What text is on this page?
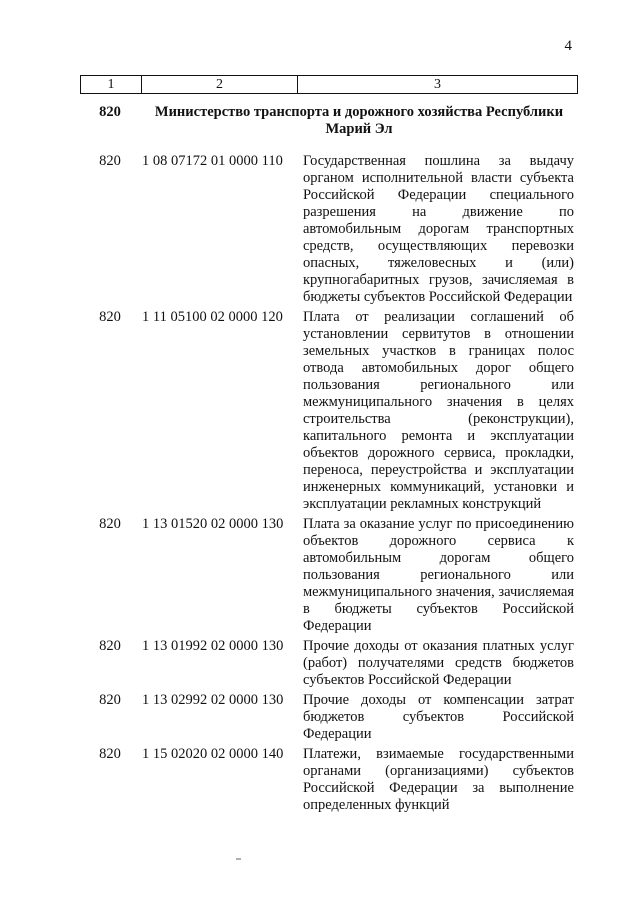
4
1	2	3
820	Министерство транспорта и дорожного хозяйства Республики Марий Эл	
820	1 08 07172 01 0000 110	Государственная пошлина за выдачу органом исполнительной власти субъекта Российской Федерации специального разрешения на движение по автомобильным дорогам транспортных средств, осуществляющих перевозки опасных, тяжеловесных и (или) крупногабаритных грузов, зачисляемая в бюджеты субъектов Российской Федерации
820	1 11 05100 02 0000 120	Плата от реализации соглашений об установлении сервитутов в отношении земельных участков в границах полос отвода автомобильных дорог общего пользования регионального или межмуниципального значения в целях строительства (реконструкции), капитального ремонта и эксплуатации объектов дорожного сервиса, прокладки, переноса, переустройства и эксплуатации инженерных коммуникаций, установки и эксплуатации рекламных конструкций
820	1 13 01520 02 0000 130	Плата за оказание услуг по присоединению объектов дорожного сервиса к автомобильным дорогам общего пользования регионального или межмуниципального значения, зачисляемая в бюджеты субъектов Российской Федерации
820	1 13 01992 02 0000 130	Прочие доходы от оказания платных услуг (работ) получателями средств бюджетов субъектов Российской Федерации
820	1 13 02992 02 0000 130	Прочие доходы от компенсации затрат бюджетов субъектов Российской Федерации
820	1 15 02020 02 0000 140	Платежи, взимаемые государственными органами (организациями) субъектов Российской Федерации за выполнение определенных функций
